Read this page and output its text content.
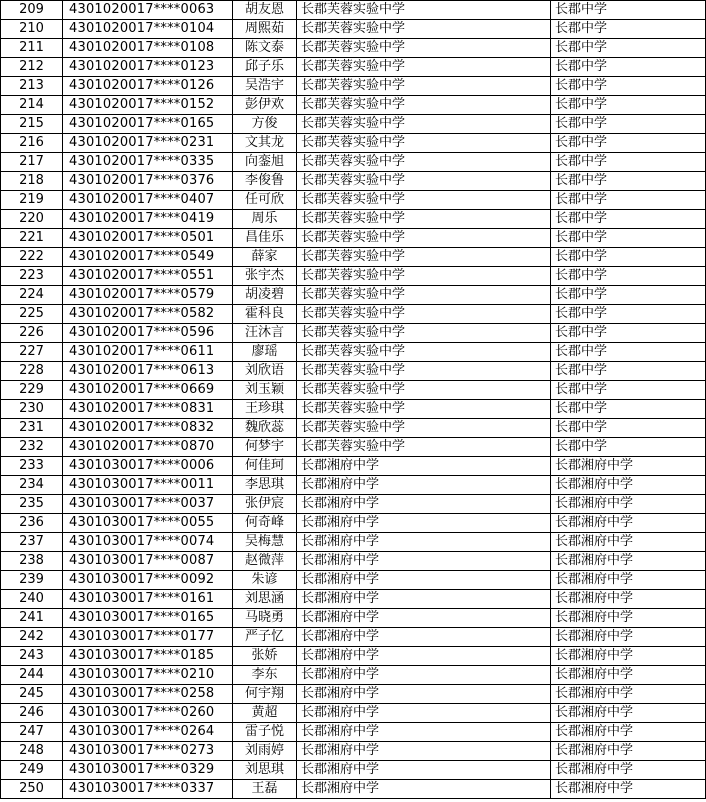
209	4301020017****0063	胡友恩	长郡芙蓉实验中学	长郡中学
210	4301020017****0104	周熙茹	长郡芙蓉实验中学	长郡中学
211	4301020017****0108	陈文泰	长郡芙蓉实验中学	长郡中学
212	4301020017****0123	邱子乐	长郡芙蓉实验中学	长郡中学
213	4301020017****0126	吴浩宇	长郡芙蓉实验中学	长郡中学
214	4301020017****0152	彭伊欢	长郡芙蓉实验中学	长郡中学
215	4301020017****0165	方俊	长郡芙蓉实验中学	长郡中学
216	4301020017****0231	文其龙	长郡芙蓉实验中学	长郡中学
217	4301020017****0335	向銮旭	长郡芙蓉实验中学	长郡中学
218	4301020017****0376	李俊鲁	长郡芙蓉实验中学	长郡中学
219	4301020017****0407	任可欣	长郡芙蓉实验中学	长郡中学
220	4301020017****0419	周乐	长郡芙蓉实验中学	长郡中学
221	4301020017****0501	昌佳乐	长郡芙蓉实验中学	长郡中学
222	4301020017****0549	薛家	长郡芙蓉实验中学	长郡中学
223	4301020017****0551	张宇杰	长郡芙蓉实验中学	长郡中学
224	4301020017****0579	胡凌碧	长郡芙蓉实验中学	长郡中学
225	4301020017****0582	霍科良	长郡芙蓉实验中学	长郡中学
226	4301020017****0596	汪沐言	长郡芙蓉实验中学	长郡中学
227	4301020017****0611	廖瑶	长郡芙蓉实验中学	长郡中学
228	4301020017****0613	刘欣语	长郡芙蓉实验中学	长郡中学
229	4301020017****0669	刘玉颖	长郡芙蓉实验中学	长郡中学
230	4301020017****0831	王珍琪	长郡芙蓉实验中学	长郡中学
231	4301020017****0832	魏欣蕊	长郡芙蓉实验中学	长郡中学
232	4301020017****0870	何梦宇	长郡芙蓉实验中学	长郡中学
233	4301030017****0006	何佳珂	长郡湘府中学	长郡湘府中学
234	4301030017****0011	李思琪	长郡湘府中学	长郡湘府中学
235	4301030017****0037	张伊宸	长郡湘府中学	长郡湘府中学
236	4301030017****0055	何奇峰	长郡湘府中学	长郡湘府中学
237	4301030017****0074	吴梅慧	长郡湘府中学	长郡湘府中学
238	4301030017****0087	赵微萍	长郡湘府中学	长郡湘府中学
239	4301030017****0092	朱谚	长郡湘府中学	长郡湘府中学
240	4301030017****0161	刘思涵	长郡湘府中学	长郡湘府中学
241	4301030017****0165	马晓勇	长郡湘府中学	长郡湘府中学
242	4301030017****0177	严子忆	长郡湘府中学	长郡湘府中学
243	4301030017****0185	张娇	长郡湘府中学	长郡湘府中学
244	4301030017****0210	李东	长郡湘府中学	长郡湘府中学
245	4301030017****0258	何宇翔	长郡湘府中学	长郡湘府中学
246	4301030017****0260	黄超	长郡湘府中学	长郡湘府中学
247	4301030017****0264	雷子悦	长郡湘府中学	长郡湘府中学
248	4301030017****0273	刘雨婷	长郡湘府中学	长郡湘府中学
249	4301030017****0329	刘思琪	长郡湘府中学	长郡湘府中学
250	4301030017****0337	王磊	长郡湘府中学	长郡湘府中学
